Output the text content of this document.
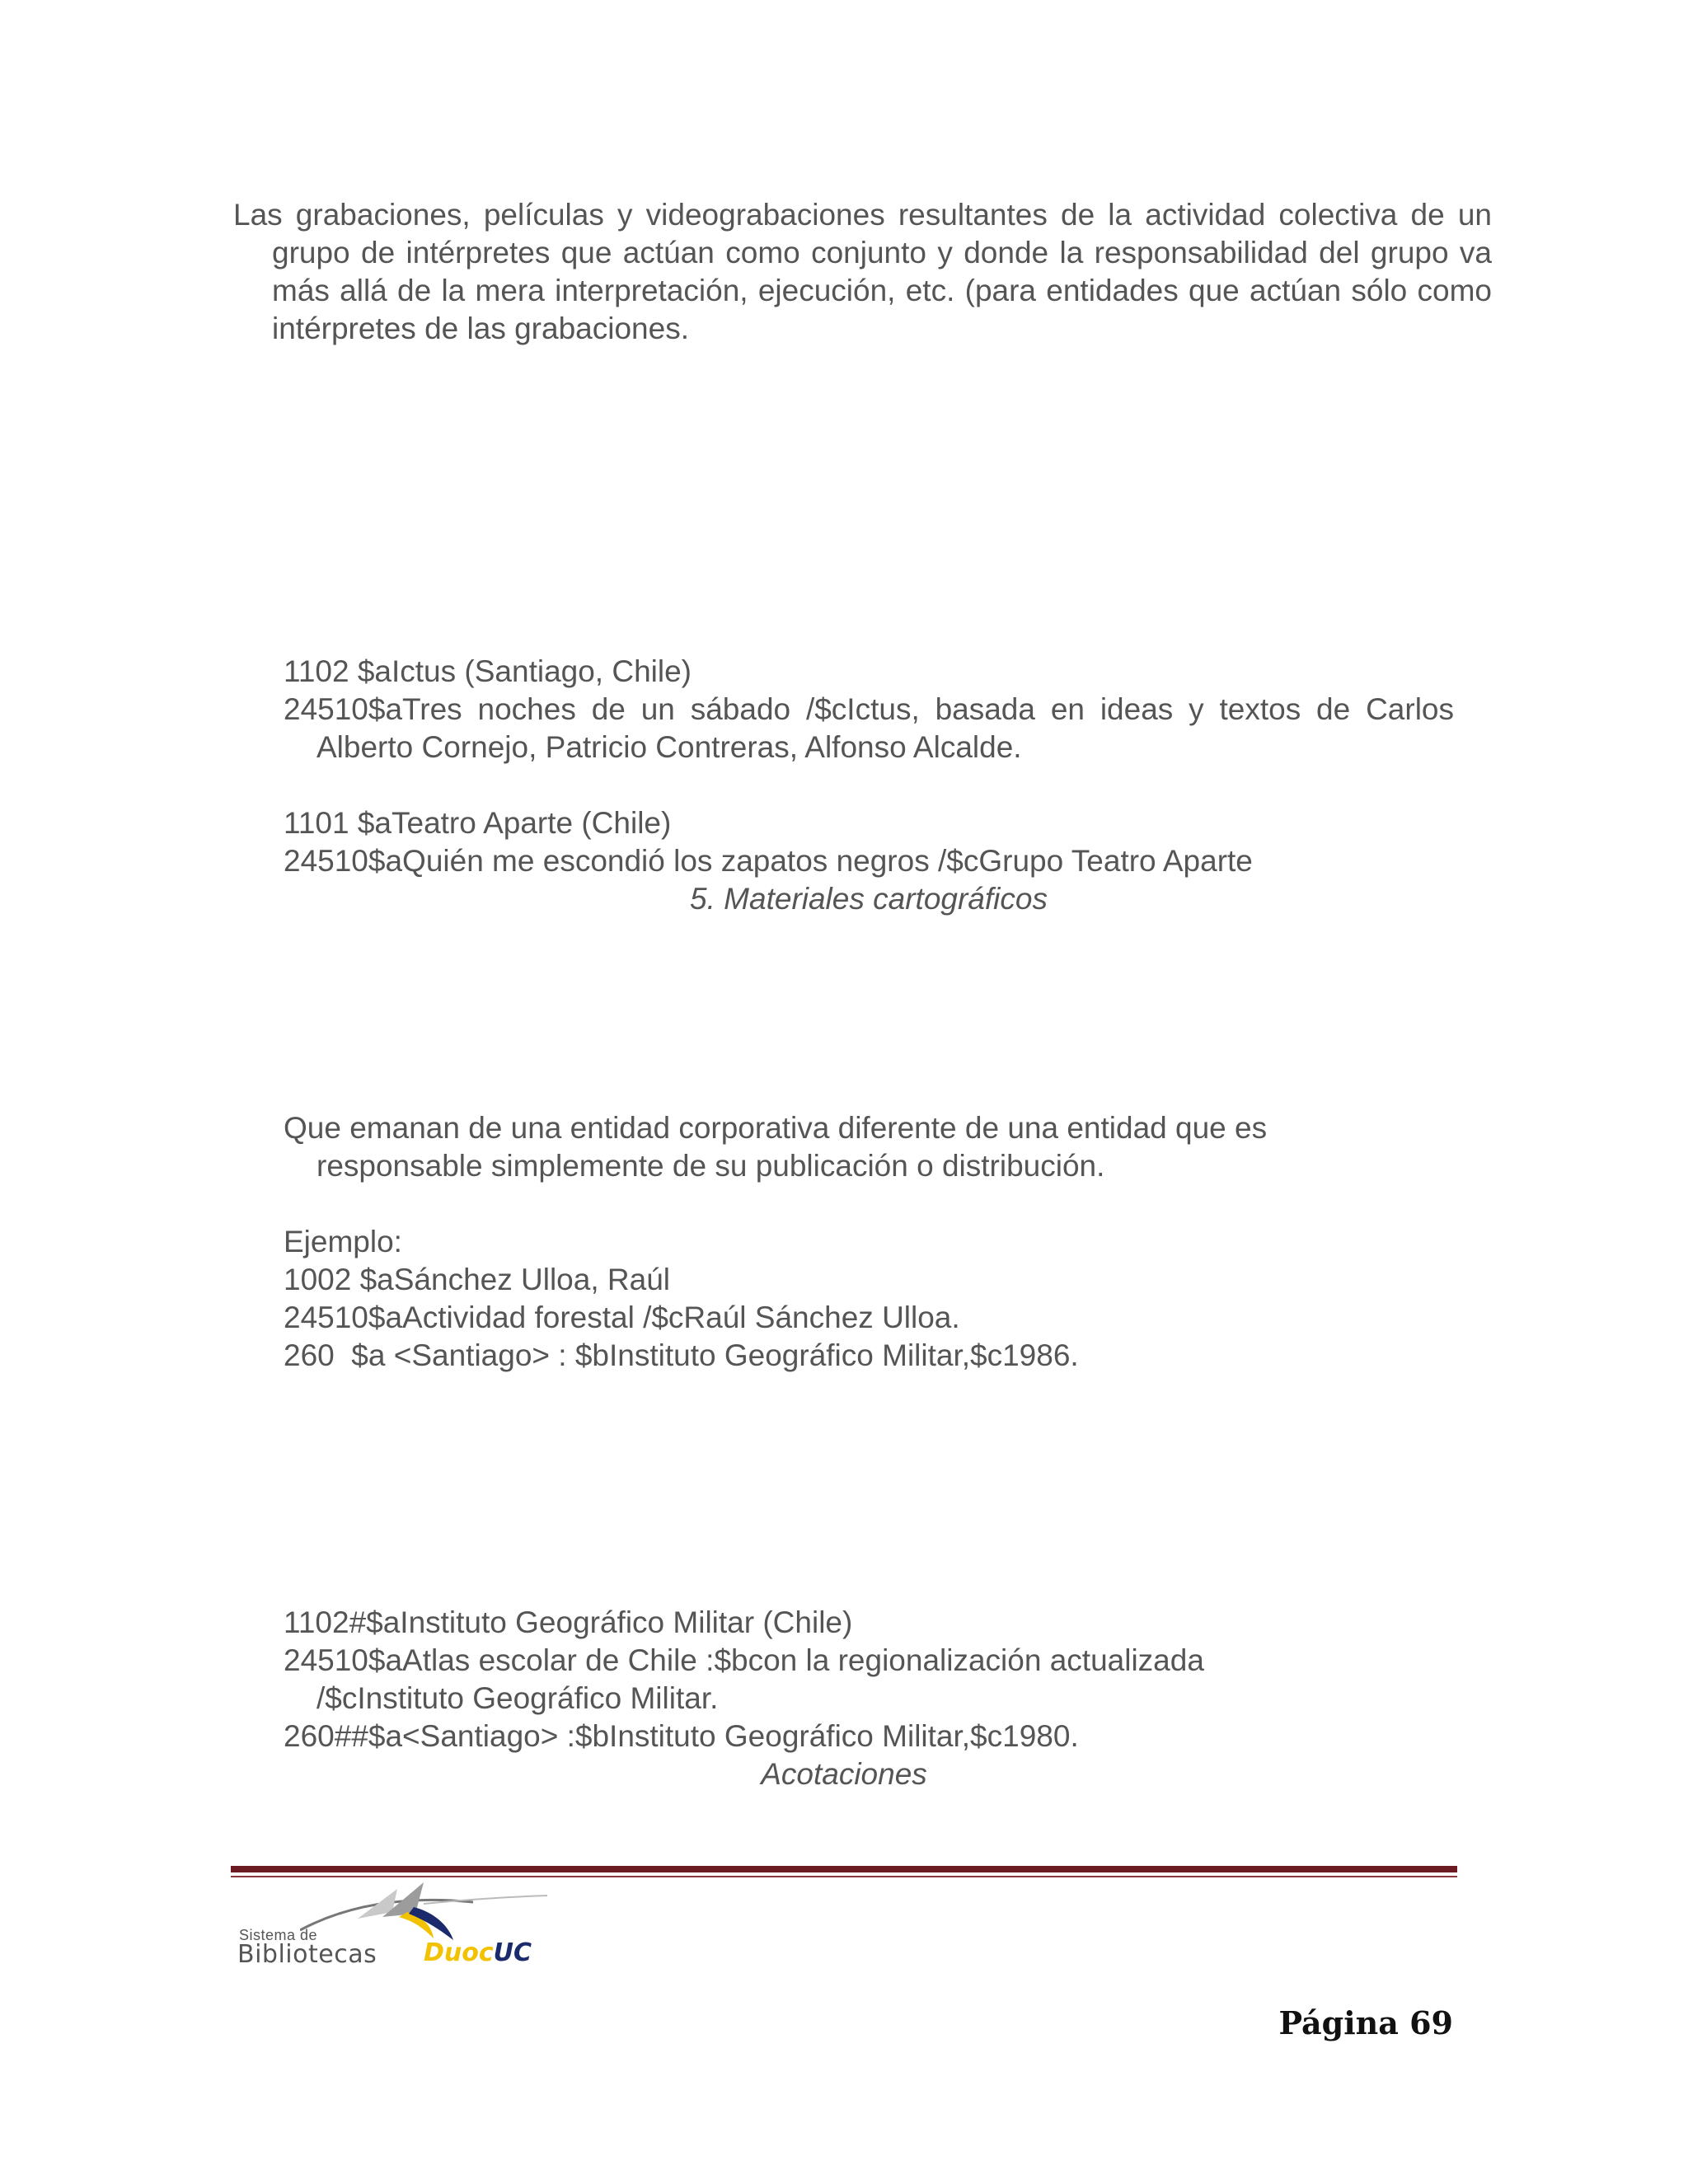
Las grabaciones, películas y videograbaciones resultantes de la actividad colectiva de un grupo de intérpretes que actúan como conjunto y donde la responsabilidad del grupo va más allá de la mera interpretación, ejecución, etc. (para entidades que actúan sólo como intérpretes de las grabaciones.

1102 $aIctus (Santiago, Chile)

24510$aTres noches de un sábado /$cIctus, basada en ideas y textos de Carlos Alberto Cornejo, Patricio Contreras, Alfonso Alcalde.

1101 $aTeatro Aparte (Chile)

24510$aQuién me escondió los zapatos negros /$cGrupo Teatro Aparte

5. Materiales cartográficos

Que emanan de una entidad corporativa diferente de una entidad que es responsable simplemente de su publicación o distribución.

Ejemplo:

1002 $aSánchez Ulloa, Raúl

24510$aActividad forestal /$cRaúl Sánchez Ulloa.

260  $a <Santiago> : $bInstituto Geográfico Militar,$c1986.

1102#$aInstituto Geográfico Militar (Chile)

24510$aAtlas escolar de Chile :$bcon la regionalización actualizada /$cInstituto Geográfico Militar.

260##$a<Santiago> :$bInstituto Geográfico Militar,$c1980.

Acotaciones
Sistema de
Bibliotecas DuocUC
Página 69
